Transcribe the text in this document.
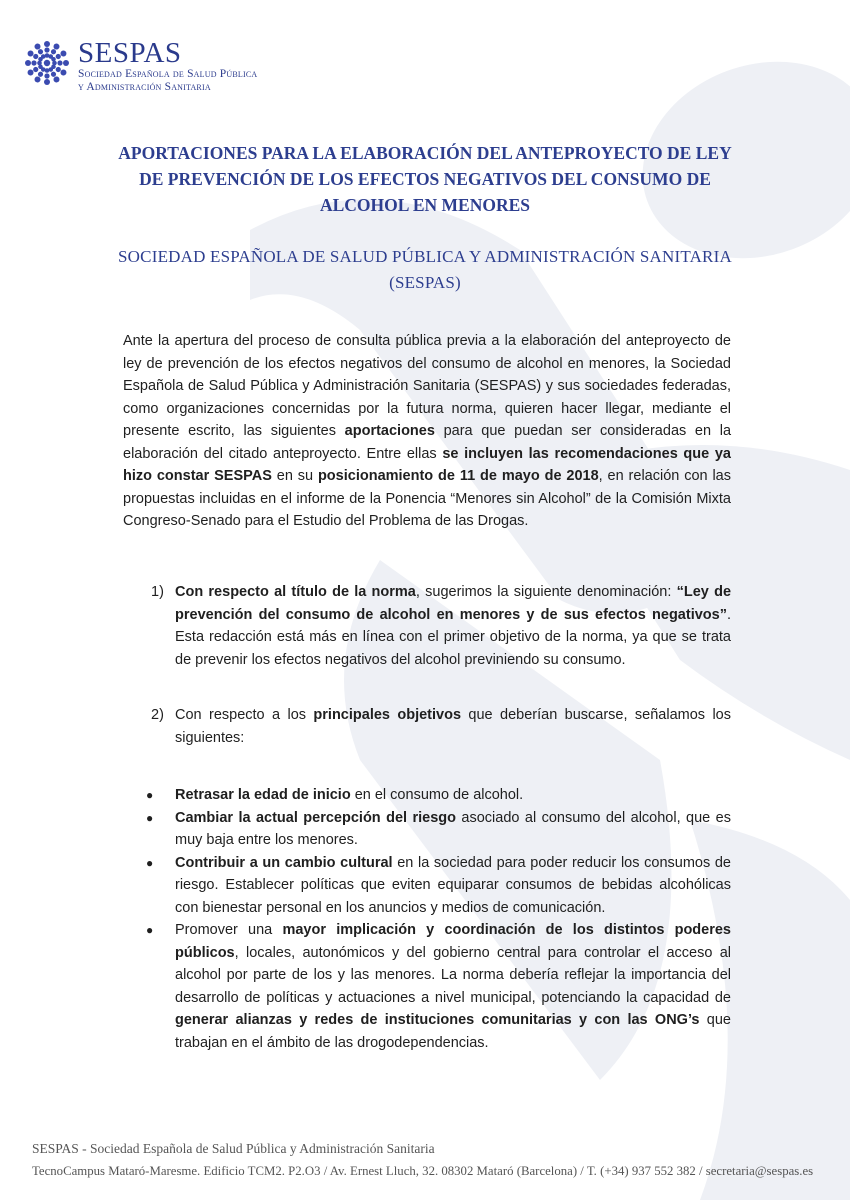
SESPAS
Sociedad Española de Salud Pública
y Administración Sanitaria
APORTACIONES PARA LA ELABORACIÓN DEL ANTEPROYECTO DE LEY
DE PREVENCIÓN DE LOS EFECTOS NEGATIVOS DEL CONSUMO DE
ALCOHOL EN MENORES
SOCIEDAD ESPAÑOLA DE SALUD PÚBLICA Y ADMINISTRACIÓN SANITARIA
(SESPAS)

Ante la apertura del proceso de consulta pública previa a la elaboración del anteproyecto de ley de prevención de los efectos negativos del consumo de alcohol en menores, la Sociedad Española de Salud Pública y Administración Sanitaria (SESPAS) y sus sociedades federadas, como organizaciones concernidas por la futura norma, quieren hacer llegar, mediante el presente escrito, las siguientes aportaciones para que puedan ser consideradas en la elaboración del citado anteproyecto. Entre ellas se incluyen las recomendaciones que ya hizo constar SESPAS en su posicionamiento de 11 de mayo de 2018, en relación con las propuestas incluidas en el informe de la Ponencia “Menores sin Alcohol” de la Comisión Mixta Congreso-Senado para el Estudio del Problema de las Drogas.

1) Con respecto al título de la norma, sugerimos la siguiente denominación: “Ley de prevención del consumo de alcohol en menores y de sus efectos negativos”. Esta redacción está más en línea con el primer objetivo de la norma, ya que se trata de prevenir los efectos negativos del alcohol previniendo su consumo.
2) Con respecto a los principales objetivos que deberían buscarse, señalamos los siguientes:
●	Retrasar la edad de inicio en el consumo de alcohol.
●	Cambiar la actual percepción del riesgo asociado al consumo del alcohol, que es muy baja entre los menores.
●	Contribuir a un cambio cultural en la sociedad para poder reducir los consumos de riesgo. Establecer políticas que eviten equiparar consumos de bebidas alcohólicas con bienestar personal en los anuncios y medios de comunicación.
●	Promover una mayor implicación y coordinación de los distintos poderes públicos, locales, autonómicos y del gobierno central para controlar el acceso al alcohol por parte de los y las menores. La norma debería reflejar la importancia del desarrollo de políticas y actuaciones a nivel municipal, potenciando la capacidad de generar alianzas y redes de instituciones comunitarias y con las ONG’s que trabajan en el ámbito de las drogodependencias.
SESPAS - Sociedad Española de Salud Pública y Administración Sanitaria
TecnoCampus Mataró-Maresme. Edificio TCM2. P2.O3 / Av. Ernest Lluch, 32. 08302 Mataró (Barcelona) / T. (+34) 937 552 382 / secretaria@sespas.es
